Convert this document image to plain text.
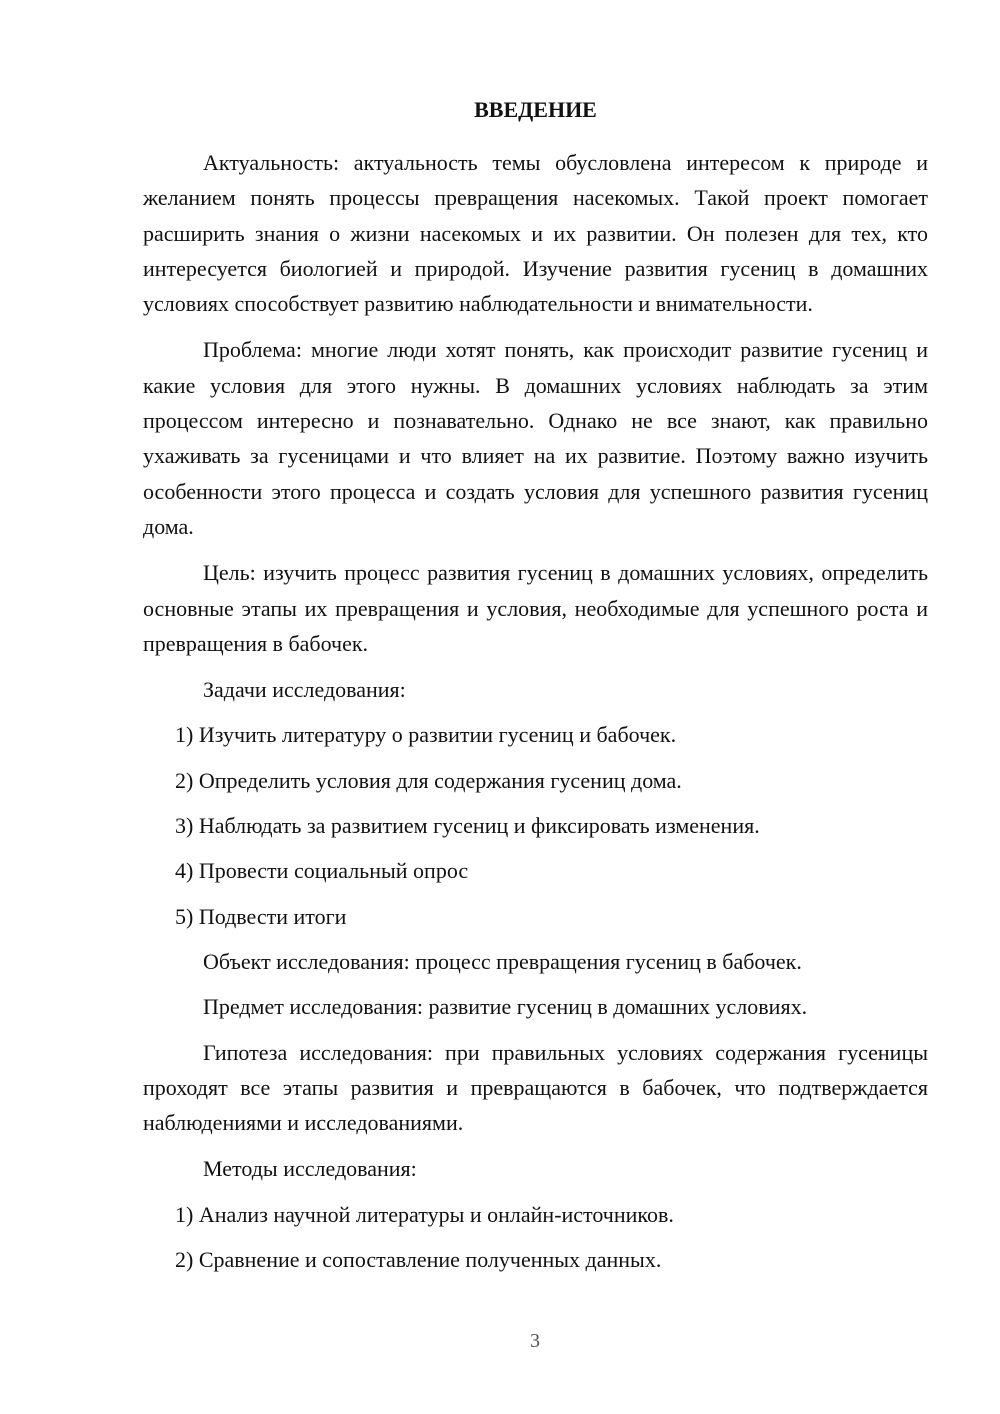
ВВЕДЕНИЕ

Актуальность: актуальность темы обусловлена интересом к природе и желанием понять процессы превращения насекомых. Такой проект помогает расширить знания о жизни насекомых и их развитии. Он полезен для тех, кто интересуется биологией и природой. Изучение развития гусениц в домашних условиях способствует развитию наблюдательности и внимательности.

Проблема: многие люди хотят понять, как происходит развитие гусениц и какие условия для этого нужны. В домашних условиях наблюдать за этим процессом интересно и познавательно. Однако не все знают, как правильно ухаживать за гусеницами и что влияет на их развитие. Поэтому важно изучить особенности этого процесса и создать условия для успешного развития гусениц дома.

Цель: изучить процесс развития гусениц в домашних условиях, определить основные этапы их превращения и условия, необходимые для успешного роста и превращения в бабочек.

Задачи исследования:

1) Изучить литературу о развитии гусениц и бабочек.
2) Определить условия для содержания гусениц дома.
3) Наблюдать за развитием гусениц и фиксировать изменения.
4) Провести социальный опрос
5) Подвести итоги

Объект исследования: процесс превращения гусениц в бабочек.

Предмет исследования: развитие гусениц в домашних условиях.

Гипотеза исследования: при правильных условиях содержания гусеницы проходят все этапы развития и превращаются в бабочек, что подтверждается наблюдениями и исследованиями.

Методы исследования:

1) Анализ научной литературы и онлайн-источников.
2) Сравнение и сопоставление полученных данных.
3
